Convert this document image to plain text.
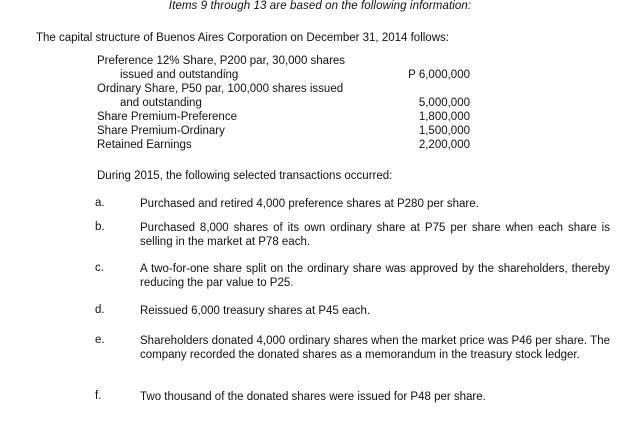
Items 9 through 13 are based on the following information:
The capital structure of Buenos Aires Corporation on December 31, 2014 follows:
Preference 12% Share, P200 par, 30,000 shares
issued and outstanding	P 6,000,000
Ordinary Share, P50 par, 100,000 shares issued
and outstanding	5,000,000
Share Premium-Preference	1,800,000
Share Premium-Ordinary	1,500,000
Retained Earnings	2,200,000
During 2015, the following selected transactions occurred:
a.	Purchased and retired 4,000 preference shares at P280 per share.
b.	Purchased 8,000 shares of its own ordinary share at P75 per share when each share is selling in the market at P78 each.
c.	A two-for-one share split on the ordinary share was approved by the shareholders, thereby reducing the par value to P25.
d.	Reissued 6,000 treasury shares at P45 each.
e.	Shareholders donated 4,000 ordinary shares when the market price was P46 per share. The company recorded the donated shares as a memorandum in the treasury stock ledger.
f.	Two thousand of the donated shares were issued for P48 per share.
